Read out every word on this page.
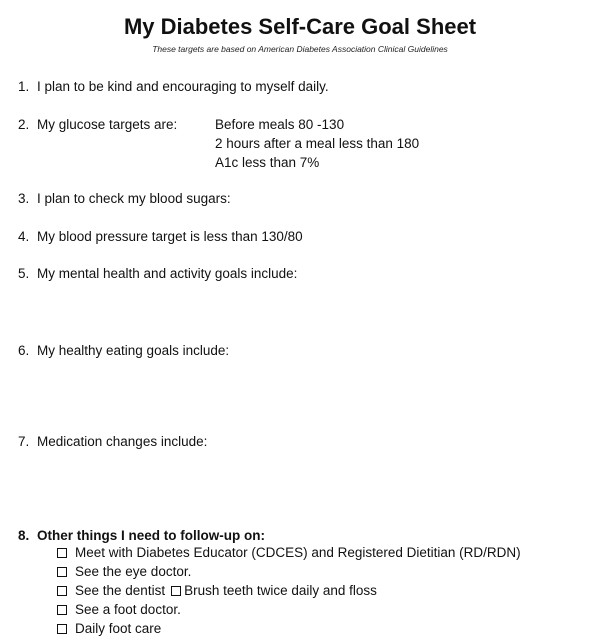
My Diabetes Self-Care Goal Sheet
These targets are based on American Diabetes Association Clinical Guidelines
1. I plan to be kind and encouraging to myself daily.
2. My glucose targets are:	Before meals 80 -130
2 hours after a meal less than 180
A1c less than 7%
3. I plan to check my blood sugars:
4. My blood pressure target is less than 130/80
5. My mental health and activity goals include:
6. My healthy eating goals include:
7. Medication changes include:
8. Other things I need to follow-up on:
Meet with Diabetes Educator (CDCES) and Registered Dietitian (RD/RDN)
See the eye doctor.
See the dentist Brush teeth twice daily and floss
See a foot doctor.
Daily foot care
